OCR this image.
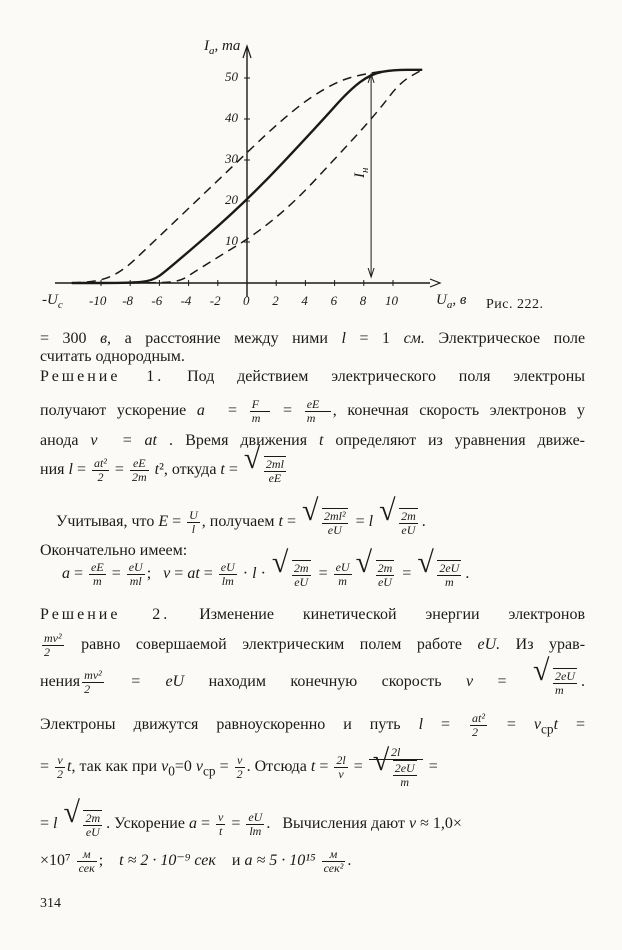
$I_a$, ma
$U_a$, в
$-U_c$
$I_н$
-10 -8 -6 -4 -2 0 2 4 6 8 10
10
20
30
40
50
Рис. 222.
= 300 в, а расстояние между ними l = 1 см. Электрическое поле
считать однородным.
Решение 1. Под действием электрического поля электроны
получают ускорение a⃗ = $\frac{F⃗}{m} = \frac{eE⃗}{m}$ , конечная скорость электронов у
анода v⃗ = at⃗. Время движения t определяют из уравнения движе-
ния $l = \frac{\text{at²}}{2} = \frac{eE}{2m} t^2$, откуда t = √ $\frac{2ml}{eE}$
Учитывая, что $E = \frac{U}{l}$ , получаем t = √ $\frac{\text{2ml²}}{eU} = l$ √ $\frac{2m}{eU}$ .
Окончательно имеем:
$a = \frac{eE}{m} = \frac{eU}{ml}$ ;   v = at = $\frac{eU}{lm} \cdot l$ · √ $\frac{2m}{eU} = \frac{eU}{m}$ √ $\frac{2m}{eU}$ = √ $\frac{2eU}{m}$ .
Решение 2. Изменение кинетической энергии электронов
$\frac{\text{mv²}}{2}$ равно совершаемой электрическим полем работе eU. Из урав-
нения $\frac{\text{mv²}}{2}$ = eU находим конечную скорость v = √ $\frac{2eU}{m}$ .
Электроны движутся равноускоренно и путь $l = \frac{\text{at²}}{2} = v_{ср}t$ =
= $\frac{v}{2} t$, так как при $v_0=0$ $v_{ср} = \frac{v}{2}$ . Отсюда $t = \frac{2l}{v} = 2l$
√ $\frac{2eU}{m}$ =
= l √ $\frac{2m}{eU}$ . Ускорение $a = \frac{v}{t} = \frac{eU}{lm}$ .   Вычисления дают v ≈ 1,0×
$\times 10^7 \frac{м}{\text{сек}}$ ;    t ≈ 2 · 10⁻⁹ сек и $a \approx 5 \cdot 10^{15} \frac{м}{\text{сек²}}$ .
314
